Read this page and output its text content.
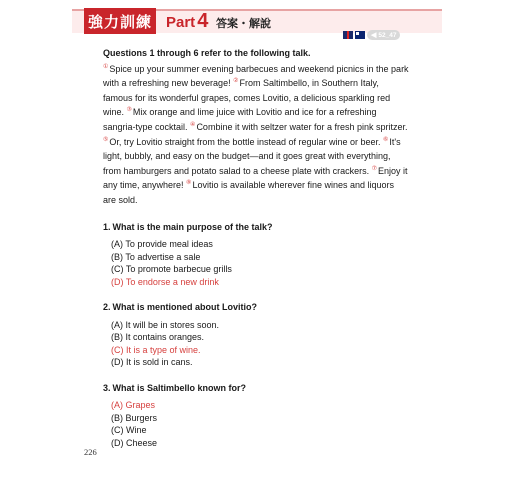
強力訓練 Part 4 答案・解說
◀ 52_47
Questions 1 through 6 refer to the following talk.

①Spice up your summer evening barbecues and weekend picnics in the park with a refreshing new beverage! ②From Saltimbello, in Southern Italy, famous for its wonderful grapes, comes Lovitio, a delicious sparkling red wine. ③Mix orange and lime juice with Lovitio and ice for a refreshing sangria-type cocktail. ④Combine it with seltzer water for a fresh pink spritzer. ⑤Or, try Lovitio straight from the bottle instead of regular wine or beer. ⑥It's light, bubbly, and easy on the budget—and it goes great with everything, from hamburgers and potato salad to a cheese plate with crackers. ⑦Enjoy it any time, anywhere! ⑧Lovitio is available wherever fine wines and liquors are sold.

1. What is the main purpose of the talk?
(A) To provide meal ideas
(B) To advertise a sale
(C) To promote barbecue grills
(D) To endorse a new drink
2. What is mentioned about Lovitio?
(A) It will be in stores soon.
(B) It contains oranges.
(C) It is a type of wine.
(D) It is sold in cans.
3. What is Saltimbello known for?
(A) Grapes
(B) Burgers
(C) Wine
(D) Cheese
226
